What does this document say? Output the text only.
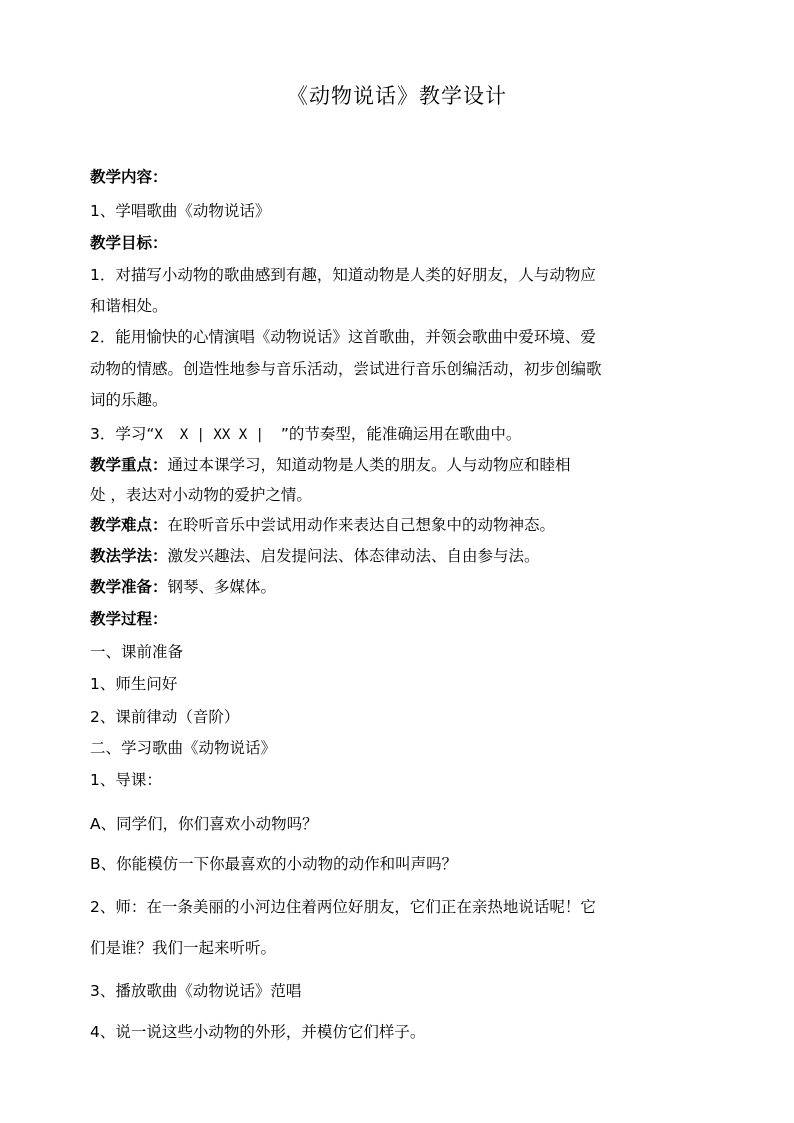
《动物说话》教学设计
教学内容：
1、学唱歌曲《动物说话》
教学目标：
1．对描写小动物的歌曲感到有趣，知道动物是人类的好朋友，人与动物应
和谐相处。
2．能用愉快的心情演唱《动物说话》这首歌曲，并领会歌曲中爱环境、爱
动物的情感。创造性地参与音乐活动，尝试进行音乐创编活动，初步创编歌
词的乐趣。
3．学习“X  X | XX X |  ”的节奏型，能准确运用在歌曲中。
教学重点：通过本课学习，知道动物是人类的朋友。人与动物应和睦相
处 ，表达对小动物的爱护之情。
教学难点：在聆听音乐中尝试用动作来表达自己想象中的动物神态。
教法学法：激发兴趣法、启发提问法、体态律动法、自由参与法。
教学准备：钢琴、多媒体。
教学过程：
一、课前准备
1、师生问好
2、课前律动（音阶）
二、学习歌曲《动物说话》
1、导课：
A、同学们，你们喜欢小动物吗？
B、你能模仿一下你最喜欢的小动物的动作和叫声吗？
2、师：在一条美丽的小河边住着两位好朋友，它们正在亲热地说话呢！它
们是谁？我们一起来听听。
3、播放歌曲《动物说话》范唱
4、说一说这些小动物的外形，并模仿它们样子。
